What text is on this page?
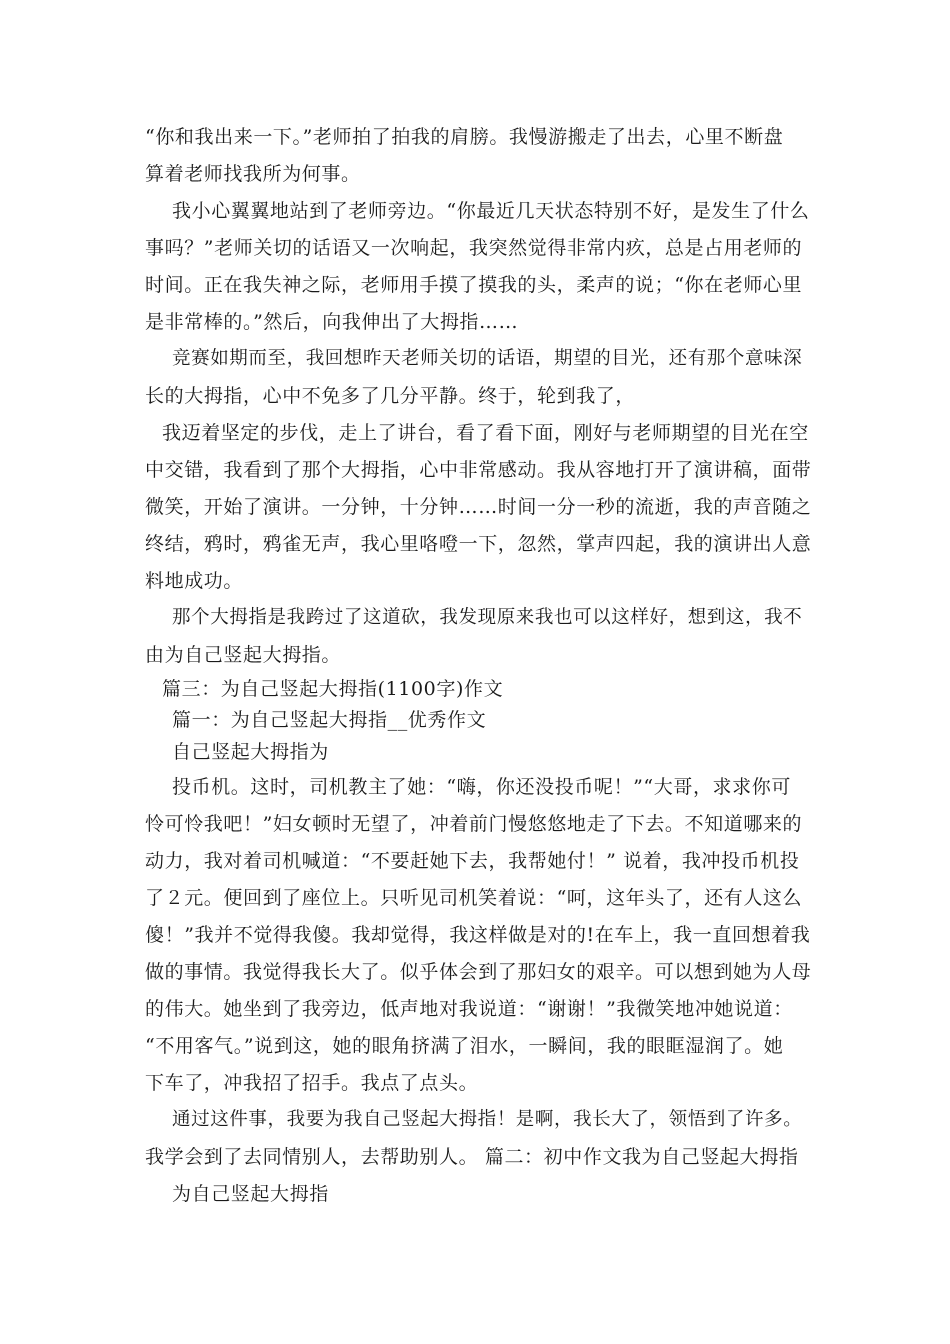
“你和我出来一下。”老师拍了拍我的肩膀。我慢游搬走了出去，心里不断盘
算着老师找我所为何事。
我小心翼翼地站到了老师旁边。“你最近几天状态特别不好，是发生了什么
事吗？”老师关切的话语又一次响起，我突然觉得非常内疚，总是占用老师的
时间。正在我失神之际，老师用手摸了摸我的头，柔声的说；“你在老师心里
是非常棒的。”然后，向我伸出了大拇指……
竞赛如期而至，我回想昨天老师关切的话语，期望的目光，还有那个意味深
长的大拇指，心中不免多了几分平静。终于，轮到我了，
我迈着坚定的步伐，走上了讲台，看了看下面，刚好与老师期望的目光在空
中交错，我看到了那个大拇指，心中非常感动。我从容地打开了演讲稿，面带
微笑，开始了演讲。一分钟，十分钟……时间一分一秒的流逝，我的声音随之
终结，鸦时，鸦雀无声，我心里咯噔一下，忽然，掌声四起，我的演讲出人意
料地成功。
那个大拇指是我跨过了这道砍，我发现原来我也可以这样好，想到这，我不
由为自己竖起大拇指。
篇三：为自己竖起大拇指(1100字)作文
篇一：为自己竖起大拇指__优秀作文
自己竖起大拇指为
投币机。这时，司机教主了她：“嗨，你还没投币呢！”“大哥，求求你可
怜可怜我吧！”妇女顿时无望了，冲着前门慢悠悠地走了下去。不知道哪来的
动力，我对着司机喊道：“不要赶她下去，我帮她付！” 说着，我冲投币机投
了２元。便回到了座位上。只听见司机笑着说：“呵，这年头了，还有人这么
傻！”我并不觉得我傻。我却觉得，我这样做是对的!在车上，我一直回想着我
做的事情。我觉得我长大了。似乎体会到了那妇女的艰辛。可以想到她为人母
的伟大。她坐到了我旁边，低声地对我说道：“谢谢！”我微笑地冲她说道：
“不用客气。”说到这，她的眼角挤满了泪水，一瞬间，我的眼眶湿润了。她
下车了，冲我招了招手。我点了点头。
通过这件事，我要为我自己竖起大拇指！是啊，我长大了，领悟到了许多。
我学会到了去同情别人，去帮助别人。 篇二：初中作文我为自己竖起大拇指
为自己竖起大拇指
